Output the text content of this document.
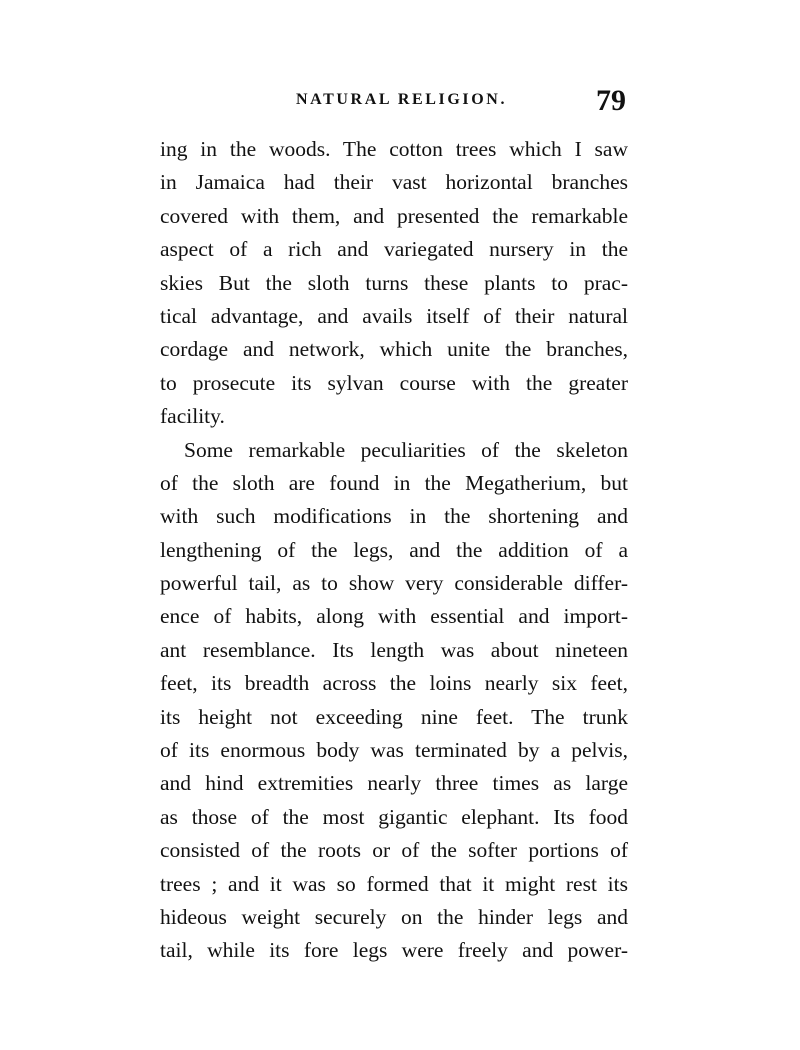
NATURAL RELIGION.	79
ing in the woods. The cotton trees which I saw
in Jamaica had their vast horizontal branches
covered with them, and presented the remarkable
aspect of a rich and variegated nursery in the
skies But the sloth turns these plants to prac-
tical advantage, and avails itself of their natural
cordage and network, which unite the branches,
to prosecute its sylvan course with the greater
facility.
Some remarkable peculiarities of the skeleton
of the sloth are found in the Megatherium, but
with such modifications in the shortening and
lengthening of the legs, and the addition of a
powerful tail, as to show very considerable differ-
ence of habits, along with essential and import-
ant resemblance. Its length was about nineteen
feet, its breadth across the loins nearly six feet,
its height not exceeding nine feet. The trunk
of its enormous body was terminated by a pelvis,
and hind extremities nearly three times as large
as those of the most gigantic elephant. Its food
consisted of the roots or of the softer portions of
trees ; and it was so formed that it might rest its
hideous weight securely on the hinder legs and
tail, while its fore legs were freely and power-
